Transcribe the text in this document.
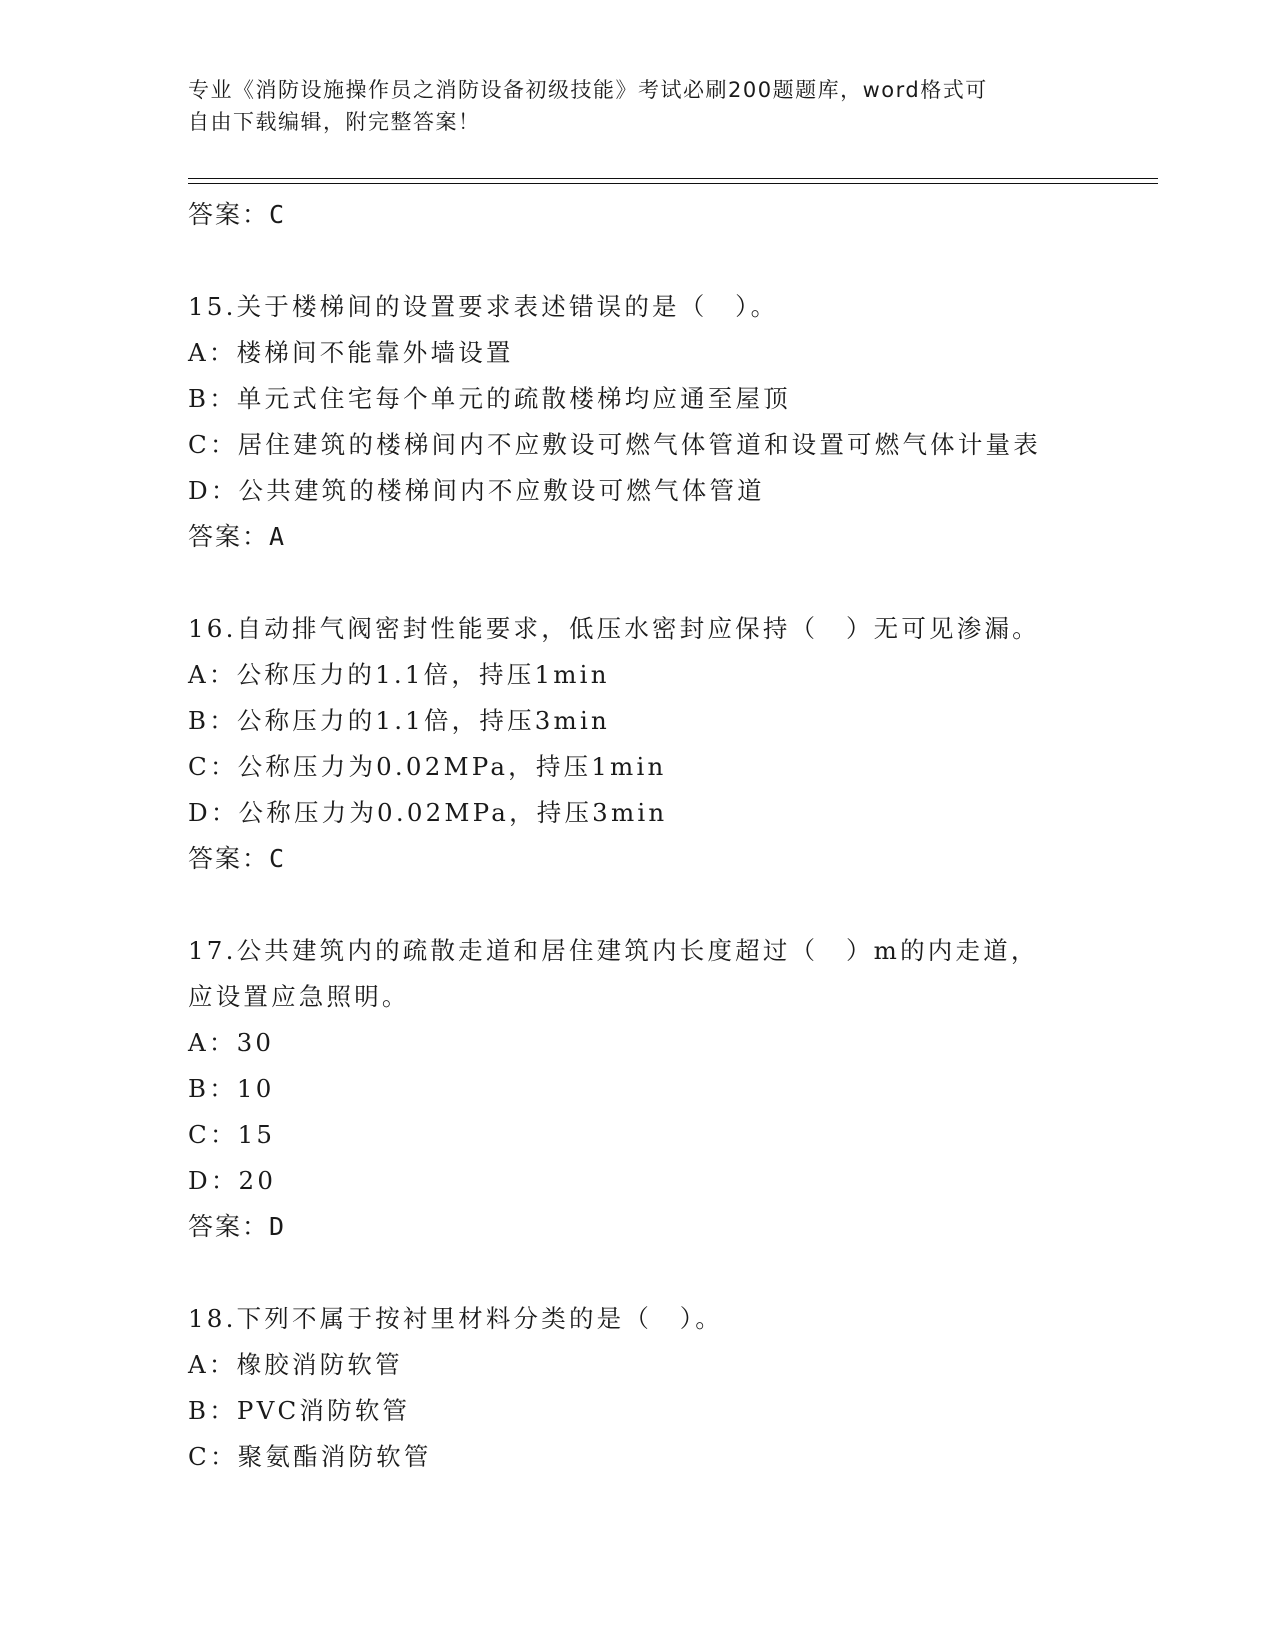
专业《消防设施操作员之消防设备初级技能》考试必刷200题题库，word格式可
自由下载编辑，附完整答案！
答案：C
15.关于楼梯间的设置要求表述错误的是（　）。
A：楼梯间不能靠外墙设置
B：单元式住宅每个单元的疏散楼梯均应通至屋顶
C：居住建筑的楼梯间内不应敷设可燃气体管道和设置可燃气体计量表
D：公共建筑的楼梯间内不应敷设可燃气体管道
答案：A
16.自动排气阀密封性能要求，低压水密封应保持（　）无可见渗漏。
A：公称压力的1.1倍，持压1min
B：公称压力的1.1倍，持压3min
C：公称压力为0.02MPa，持压1min
D：公称压力为0.02MPa，持压3min
答案：C
17.公共建筑内的疏散走道和居住建筑内长度超过（　）m的内走道，
应设置应急照明。
A：30
B：10
C：15
D：20
答案：D
18.下列不属于按衬里材料分类的是（　）。
A：橡胶消防软管
B：PVC消防软管
C：聚氨酯消防软管
